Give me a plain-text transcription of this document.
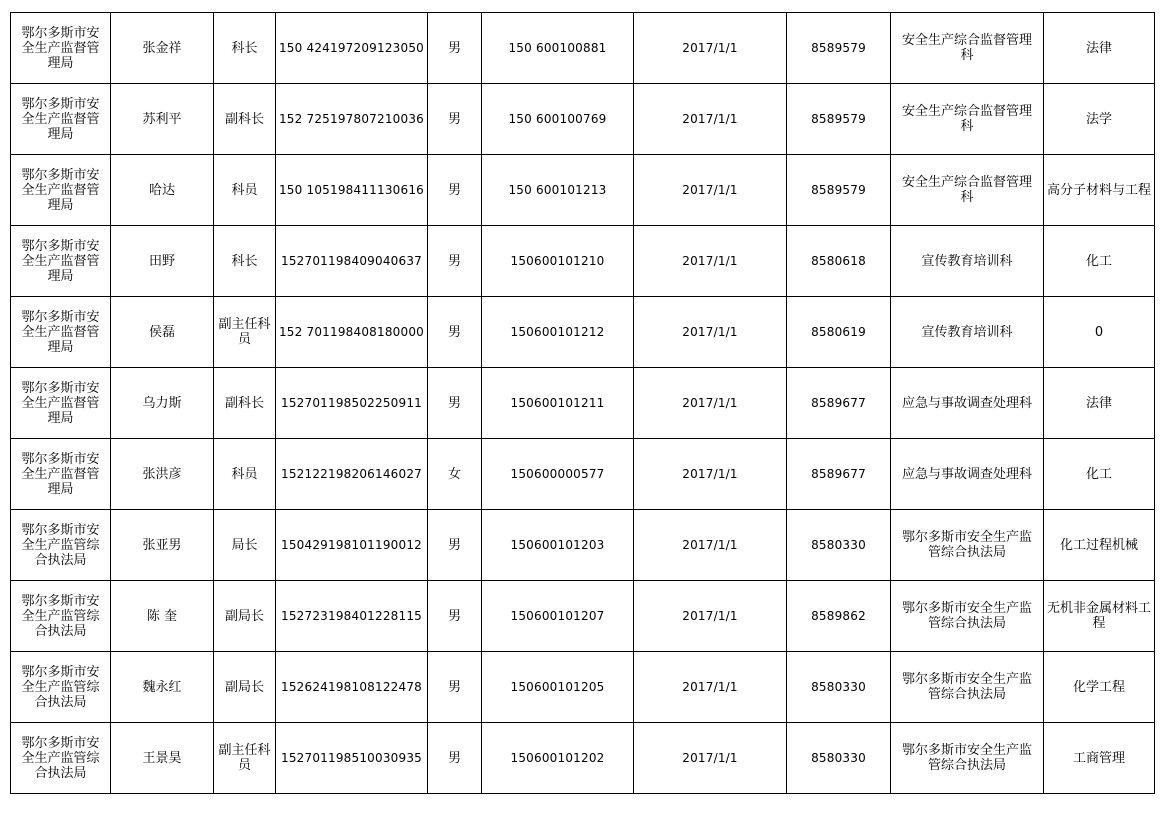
鄂尔多斯市安全生产监督管理局	张金祥	科长	150 424197209123050	男	150 600100881	2017/1/1	8589579	安全生产综合监督管理科	法律
鄂尔多斯市安全生产监督管理局	苏利平	副科长	152 725197807210036	男	150 600100769	2017/1/1	8589579	安全生产综合监督管理科	法学
鄂尔多斯市安全生产监督管理局	哈达	科员	150 105198411130616	男	150 600101213	2017/1/1	8589579	安全生产综合监督管理科	高分子材料与工程
鄂尔多斯市安全生产监督管理局	田野	科长	152701198409040637	男	150600101210	2017/1/1	8580618	宣传教育培训科	化工
鄂尔多斯市安全生产监督管理局	侯磊	副主任科员	152 701198408180000	男	150600101212	2017/1/1	8580619	宣传教育培训科	0
鄂尔多斯市安全生产监督管理局	乌力斯	副科长	152701198502250911	男	150600101211	2017/1/1	8589677	应急与事故调查处理科	法律
鄂尔多斯市安全生产监督管理局	张洪彦	科员	152122198206146027	女	150600000577	2017/1/1	8589677	应急与事故调查处理科	化工
鄂尔多斯市安全生产监管综合执法局	张亚男	局长	150429198101190012	男	150600101203	2017/1/1	8580330	鄂尔多斯市安全生产监管综合执法局	化工过程机械
鄂尔多斯市安全生产监管综合执法局	陈 奎	副局长	152723198401228115	男	150600101207	2017/1/1	8589862	鄂尔多斯市安全生产监管综合执法局	无机非金属材料工程
鄂尔多斯市安全生产监管综合执法局	魏永红	副局长	152624198108122478	男	150600101205	2017/1/1	8580330	鄂尔多斯市安全生产监管综合执法局	化学工程
鄂尔多斯市安全生产监管综合执法局	王景昊	副主任科员	152701198510030935	男	150600101202	2017/1/1	8580330	鄂尔多斯市安全生产监管综合执法局	工商管理
